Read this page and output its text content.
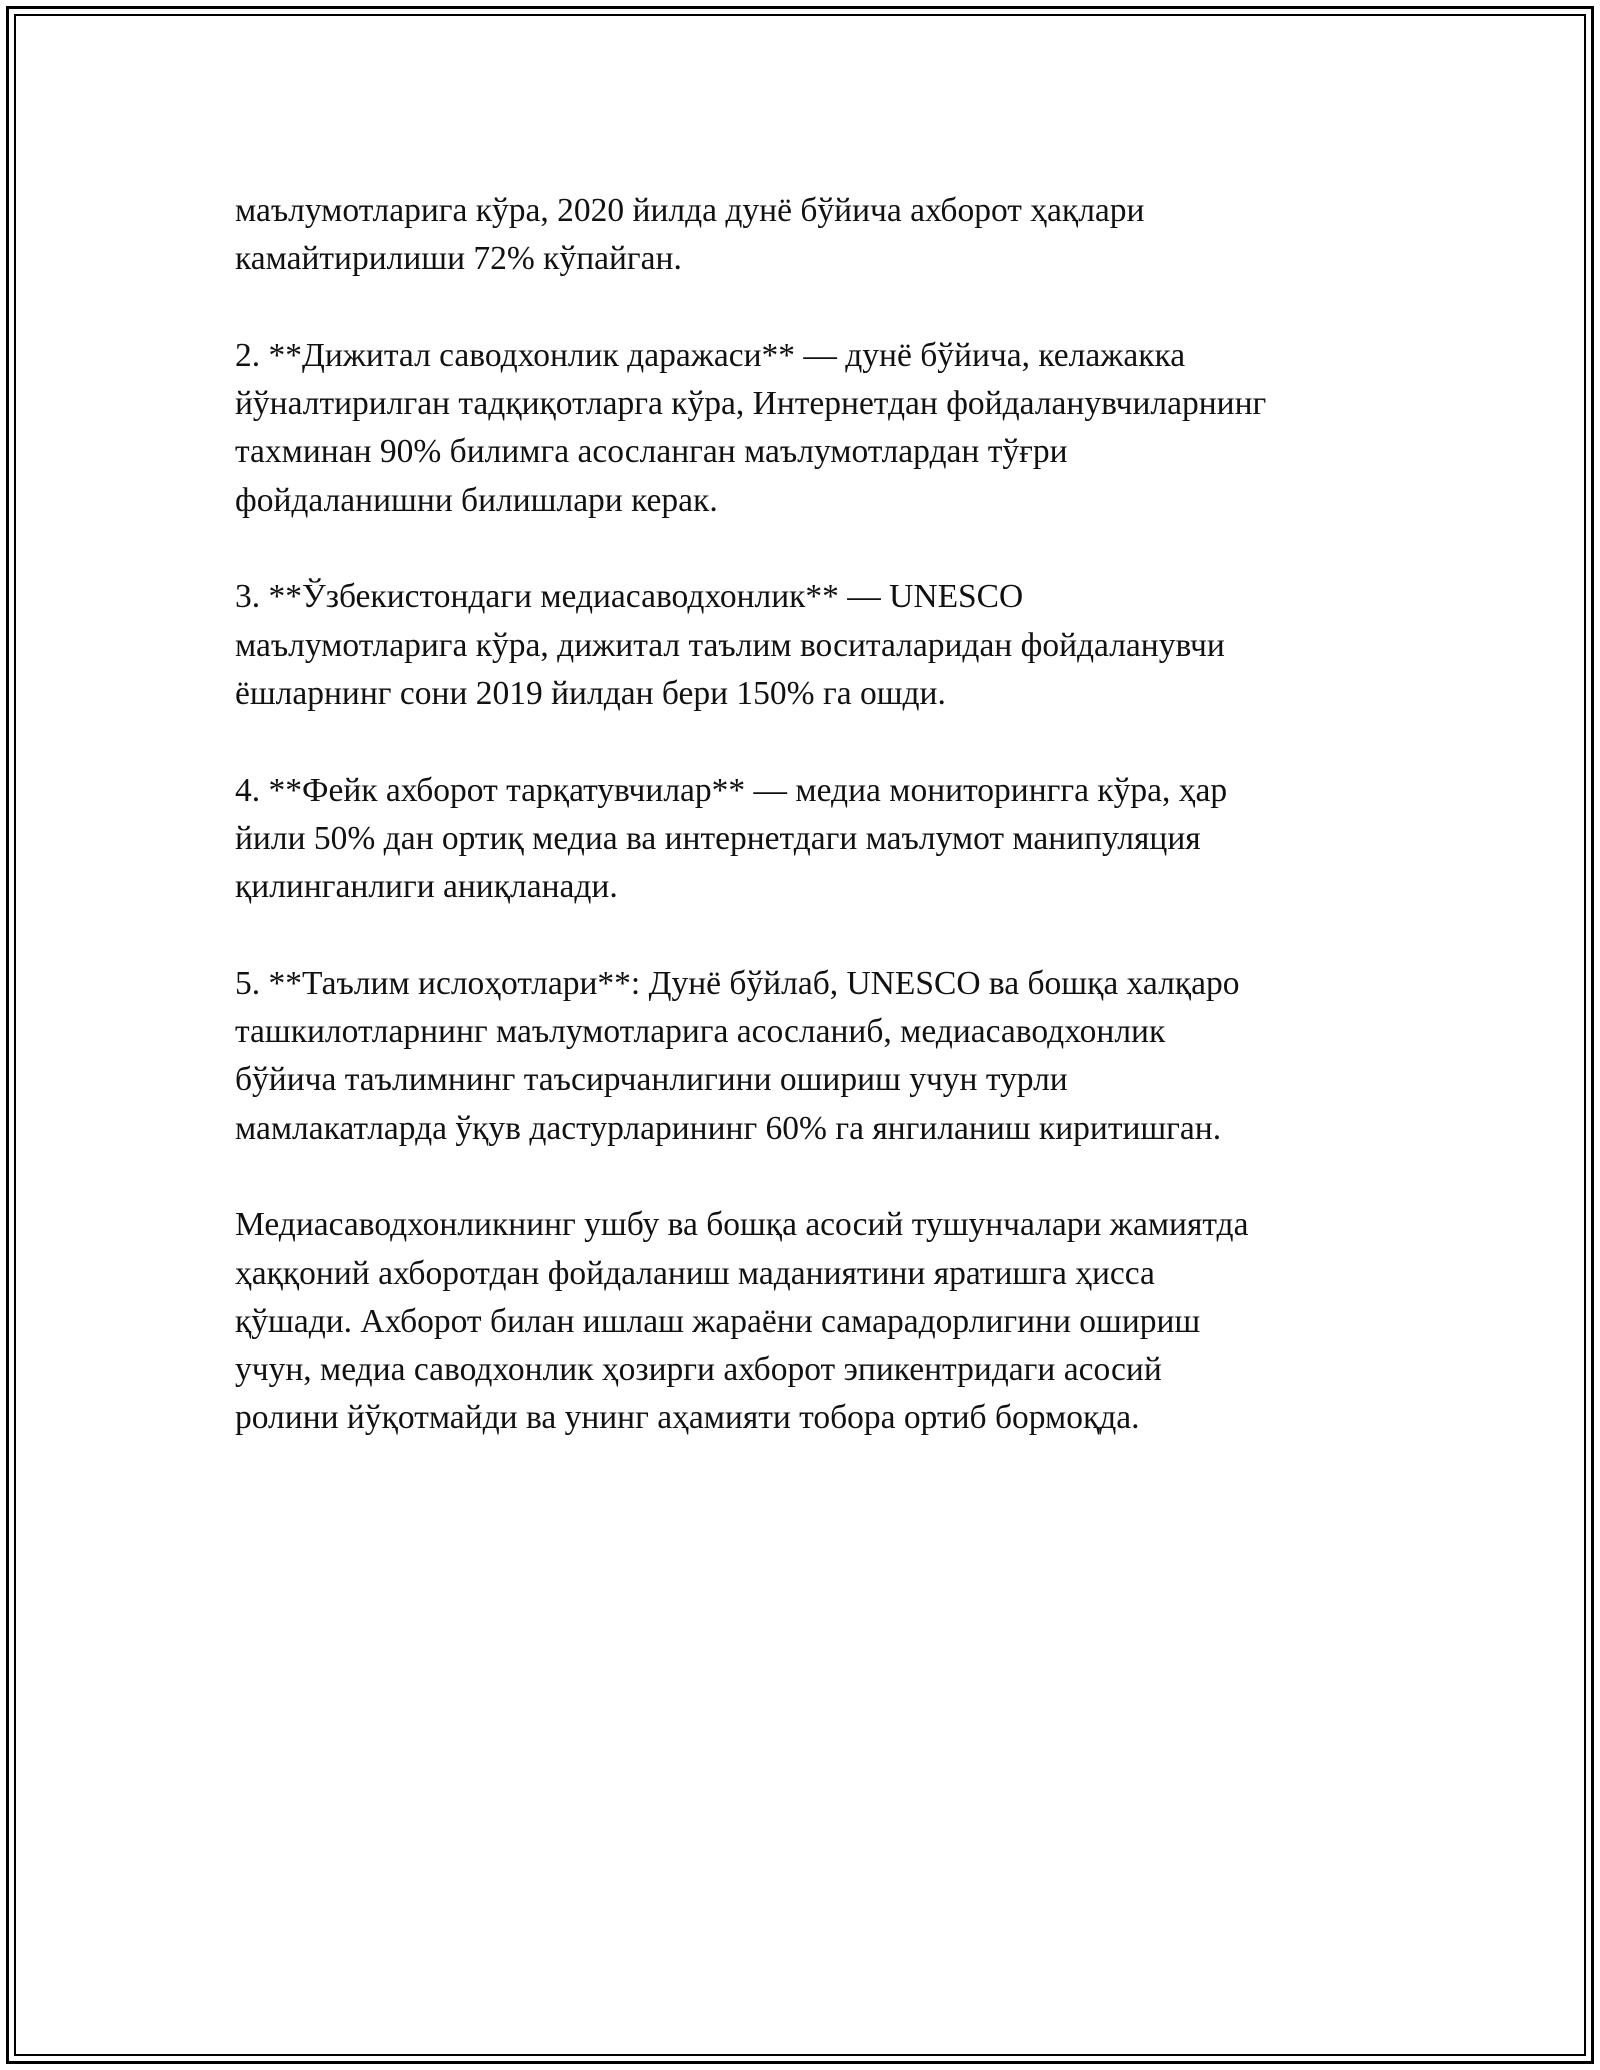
маълумотларига кўра, 2020 йилда дунё бўйича ахборот ҳақлари
камайтирилиши 72% кўпайган.

2. **Дижитал саводхонлик даражаси** — дунё бўйича, келажакка
йўналтирилган тадқиқотларга кўра, Интернетдан фойдаланувчиларнинг
тахминан 90% билимга асосланган маълумотлардан тўғри
фойдаланишни билишлари керак.

3. **Ўзбекистондаги медиасаводхонлик** — UNESCO
маълумотларига кўра, дижитал таълим воситаларидан фойдаланувчи
ёшларнинг сони 2019 йилдан бери 150% га ошди.

4. **Фейк ахборот тарқатувчилар** — медиа мониторингга кўра, ҳар
йили 50% дан ортиқ медиа ва интернетдаги маълумот манипуляция
қилинганлиги аниқланади.

5. **Таълим ислоҳотлари**: Дунё бўйлаб, UNESCO ва бошқа халқаро
ташкилотларнинг маълумотларига асосланиб, медиасаводхонлик
бўйича таълимнинг таъсирчанлигини ошириш учун турли
мамлакатларда ўқув дастурларининг 60% га янгиланиш киритишган.

Медиасаводхонликнинг ушбу ва бошқа асосий тушунчалари жамиятда
ҳаққоний ахборотдан фойдаланиш маданиятини яратишга ҳисса
қўшади. Ахборот билан ишлаш жараёни самарадорлигини ошириш
учун, медиа саводхонлик ҳозирги ахборот эпикентридаги асосий
ролини йўқотмайди ва унинг аҳамияти тобора ортиб бормоқда.
